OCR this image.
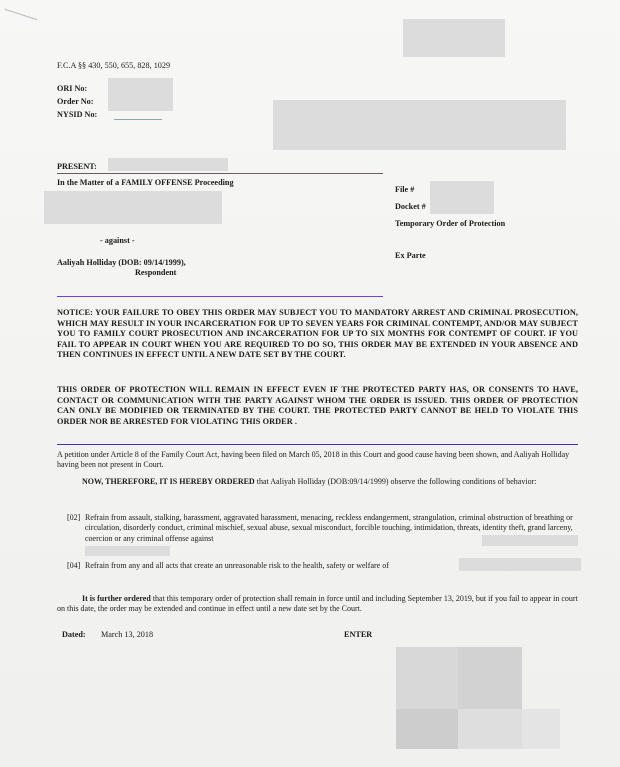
F.C.A §§ 430, 550, 655, 828, 1029
ORI No:
Order No:
NYSID No:
PRESENT:
In the Matter of a FAMILY OFFENSE Proceeding
File #
Docket #
Temporary Order of Protection
Ex Parte
- against -
Aaliyah Holliday (DOB: 09/14/1999),
Respondent
NOTICE: YOUR FAILURE TO OBEY THIS ORDER MAY SUBJECT YOU TO MANDATORY ARREST AND CRIMINAL PROSECUTION, WHICH MAY RESULT IN YOUR INCARCERATION FOR UP TO SEVEN YEARS FOR CRIMINAL CONTEMPT, AND/OR MAY SUBJECT YOU TO FAMILY COURT PROSECUTION AND INCARCERATION FOR UP TO SIX MONTHS FOR CONTEMPT OF COURT. IF YOU FAIL TO APPEAR IN COURT WHEN YOU ARE REQUIRED TO DO SO, THIS ORDER MAY BE EXTENDED IN YOUR ABSENCE AND THEN CONTINUES IN EFFECT UNTIL A NEW DATE SET BY THE COURT.
THIS ORDER OF PROTECTION WILL REMAIN IN EFFECT EVEN IF THE PROTECTED PARTY HAS, OR CONSENTS TO HAVE, CONTACT OR COMMUNICATION WITH THE PARTY AGAINST WHOM THE ORDER IS ISSUED. THIS ORDER OF PROTECTION CAN ONLY BE MODIFIED OR TERMINATED BY THE COURT. THE PROTECTED PARTY CANNOT BE HELD TO VIOLATE THIS ORDER NOR BE ARRESTED FOR VIOLATING THIS ORDER .
A petition under Article 8 of the Family Court Act, having been filed on March 05, 2018 in this Court and good cause having been shown, and Aaliyah Holliday having been not present in Court.
NOW, THEREFORE, IT IS HEREBY ORDERED that Aaliyah Holliday (DOB:09/14/1999) observe the following conditions of behavior:
[02] Refrain from assault, stalking, harassment, aggravated harassment, menacing, reckless endangerment, strangulation, criminal obstruction of breathing or circulation, disorderly conduct, criminal mischief, sexual abuse, sexual misconduct, forcible touching, intimidation, threats, identity theft, grand larceny, coercion or any criminal offense against
[04] Refrain from any and all acts that create an unreasonable risk to the health, safety or welfare of
It is further ordered that this temporary order of protection shall remain in force until and including September 13, 2019, but if you fail to appear in court on this date, the order may be extended and continue in effect until a new date set by the Court.
Dated: March 13, 2018	ENTER
